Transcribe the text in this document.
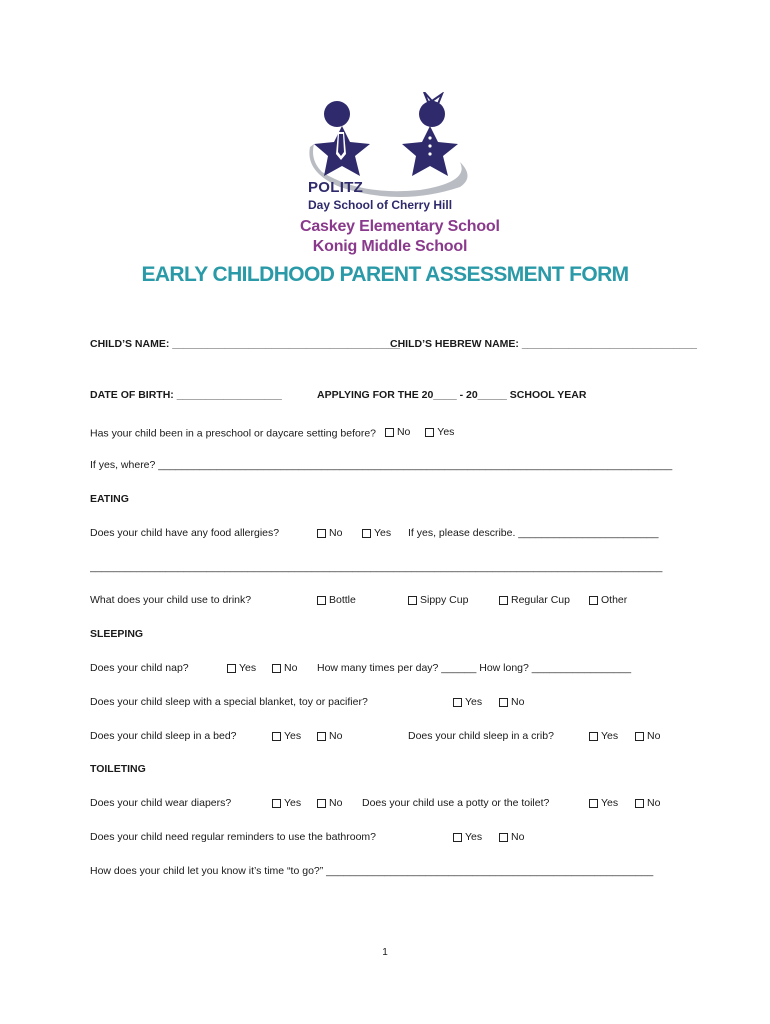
POLITZ
Day School of Cherry Hill
Caskey Elementary School
Konig Middle School
EARLY CHILDHOOD PARENT ASSESSMENT FORM
CHILD’S NAME: _______________________________________
CHILD’S HEBREW NAME: ______________________________
DATE OF BIRTH: __________________	APPLYING FOR THE 20____ - 20_____ SCHOOL YEAR
Has your child been in a preschool or daycare setting before? No
	Yes
If yes, where? ________________________________________________________________________________________
EATING
Does your child have any food allergies?	No	Yes If yes, please describe. ________________________
__________________________________________________________________________________________________
What does your child use to drink?	Bottle	Sippy Cup	Regular Cup	Other
SLEEPING
Does your child nap?	Yes	No How many times per day? ______ How long? _________________
Does your child sleep with a special blanket, toy or pacifier?	Yes	No
Does your child sleep in a bed?	Yes	No	Does your child sleep in a crib?	Yes	No
TOILETING
Does your child wear diapers?	Yes	No Does your child use a potty or the toilet?	Yes	No
Does your child need regular reminders to use the bathroom?	Yes	No
How does your child let you know it’s time “to go?” ________________________________________________________
1
